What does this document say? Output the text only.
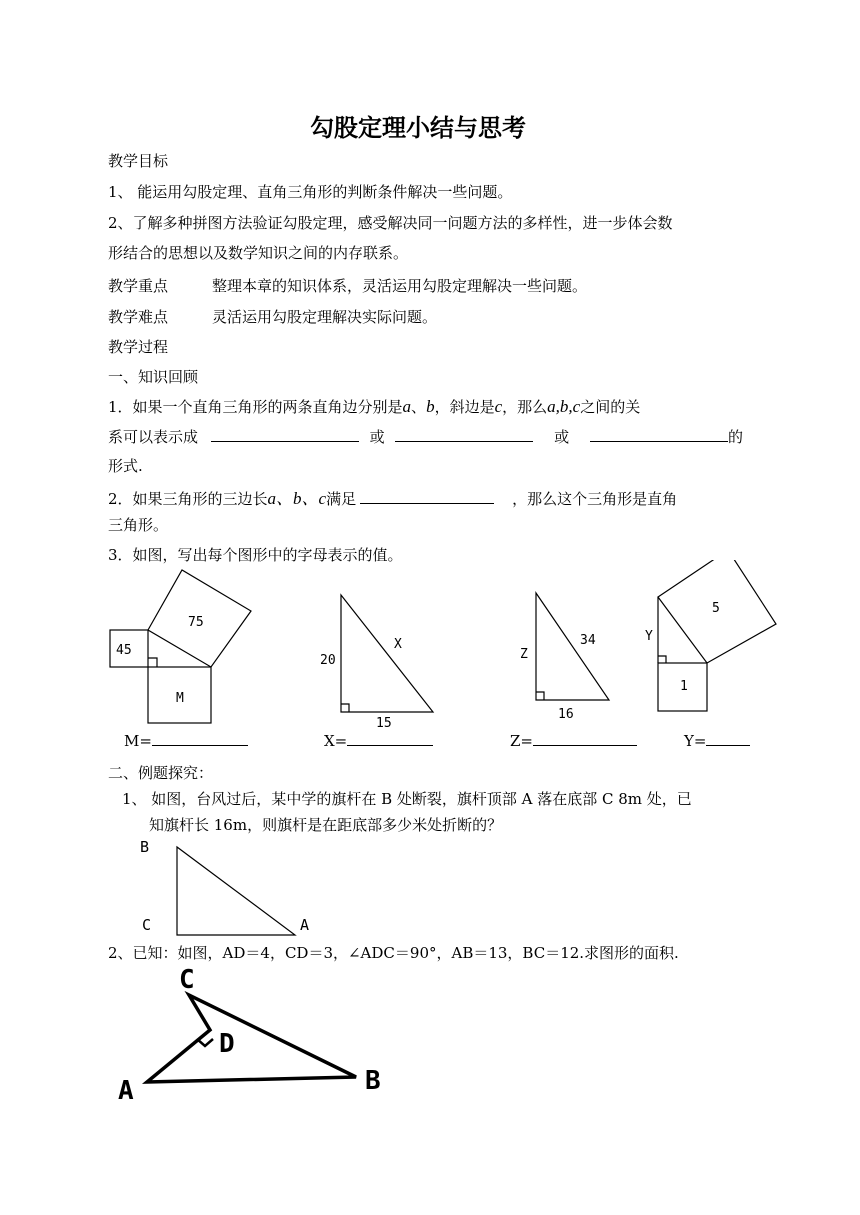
勾股定理小结与思考
教学目标
1、 能运用勾股定理、直角三角形的判断条件解决一些问题。
2、了解多种拼图方法验证勾股定理，感受解决同一问题方法的多样性，进一步体会数
形结合的思想以及数学知识之间的内存联系。
教学重点	整理本章的知识体系，灵活运用勾股定理解决一些问题。
教学难点	灵活运用勾股定理解决实际问题。
教学过程
一、知识回顾
1．如果一个直角三角形的两条直角边分别是a、b，斜边是c，那么a,b,c之间的关
系可以表示成	或	或	的
形式.
2．如果三角形的三边长a、b、c满足	，那么这个三角形是直角
三角形。
3．如图，写出每个图形中的字母表示的值。
45
75
M
20
15
X	34
16
Z
5
1
Y
M=	X=	Z=	Y=
二、例题探究：
1、 如图，台风过后，某中学的旗杆在 B 处断裂，旗杆顶部 A 落在底部 C 8m 处，已
知旗杆长 16m，则旗杆是在距底部多少米处折断的？
B
C	A
2、已知：如图，AD＝4，CD＝3，∠ADC＝90°，AB＝13，BC＝12.求图形的面积.
C
D
A	B
